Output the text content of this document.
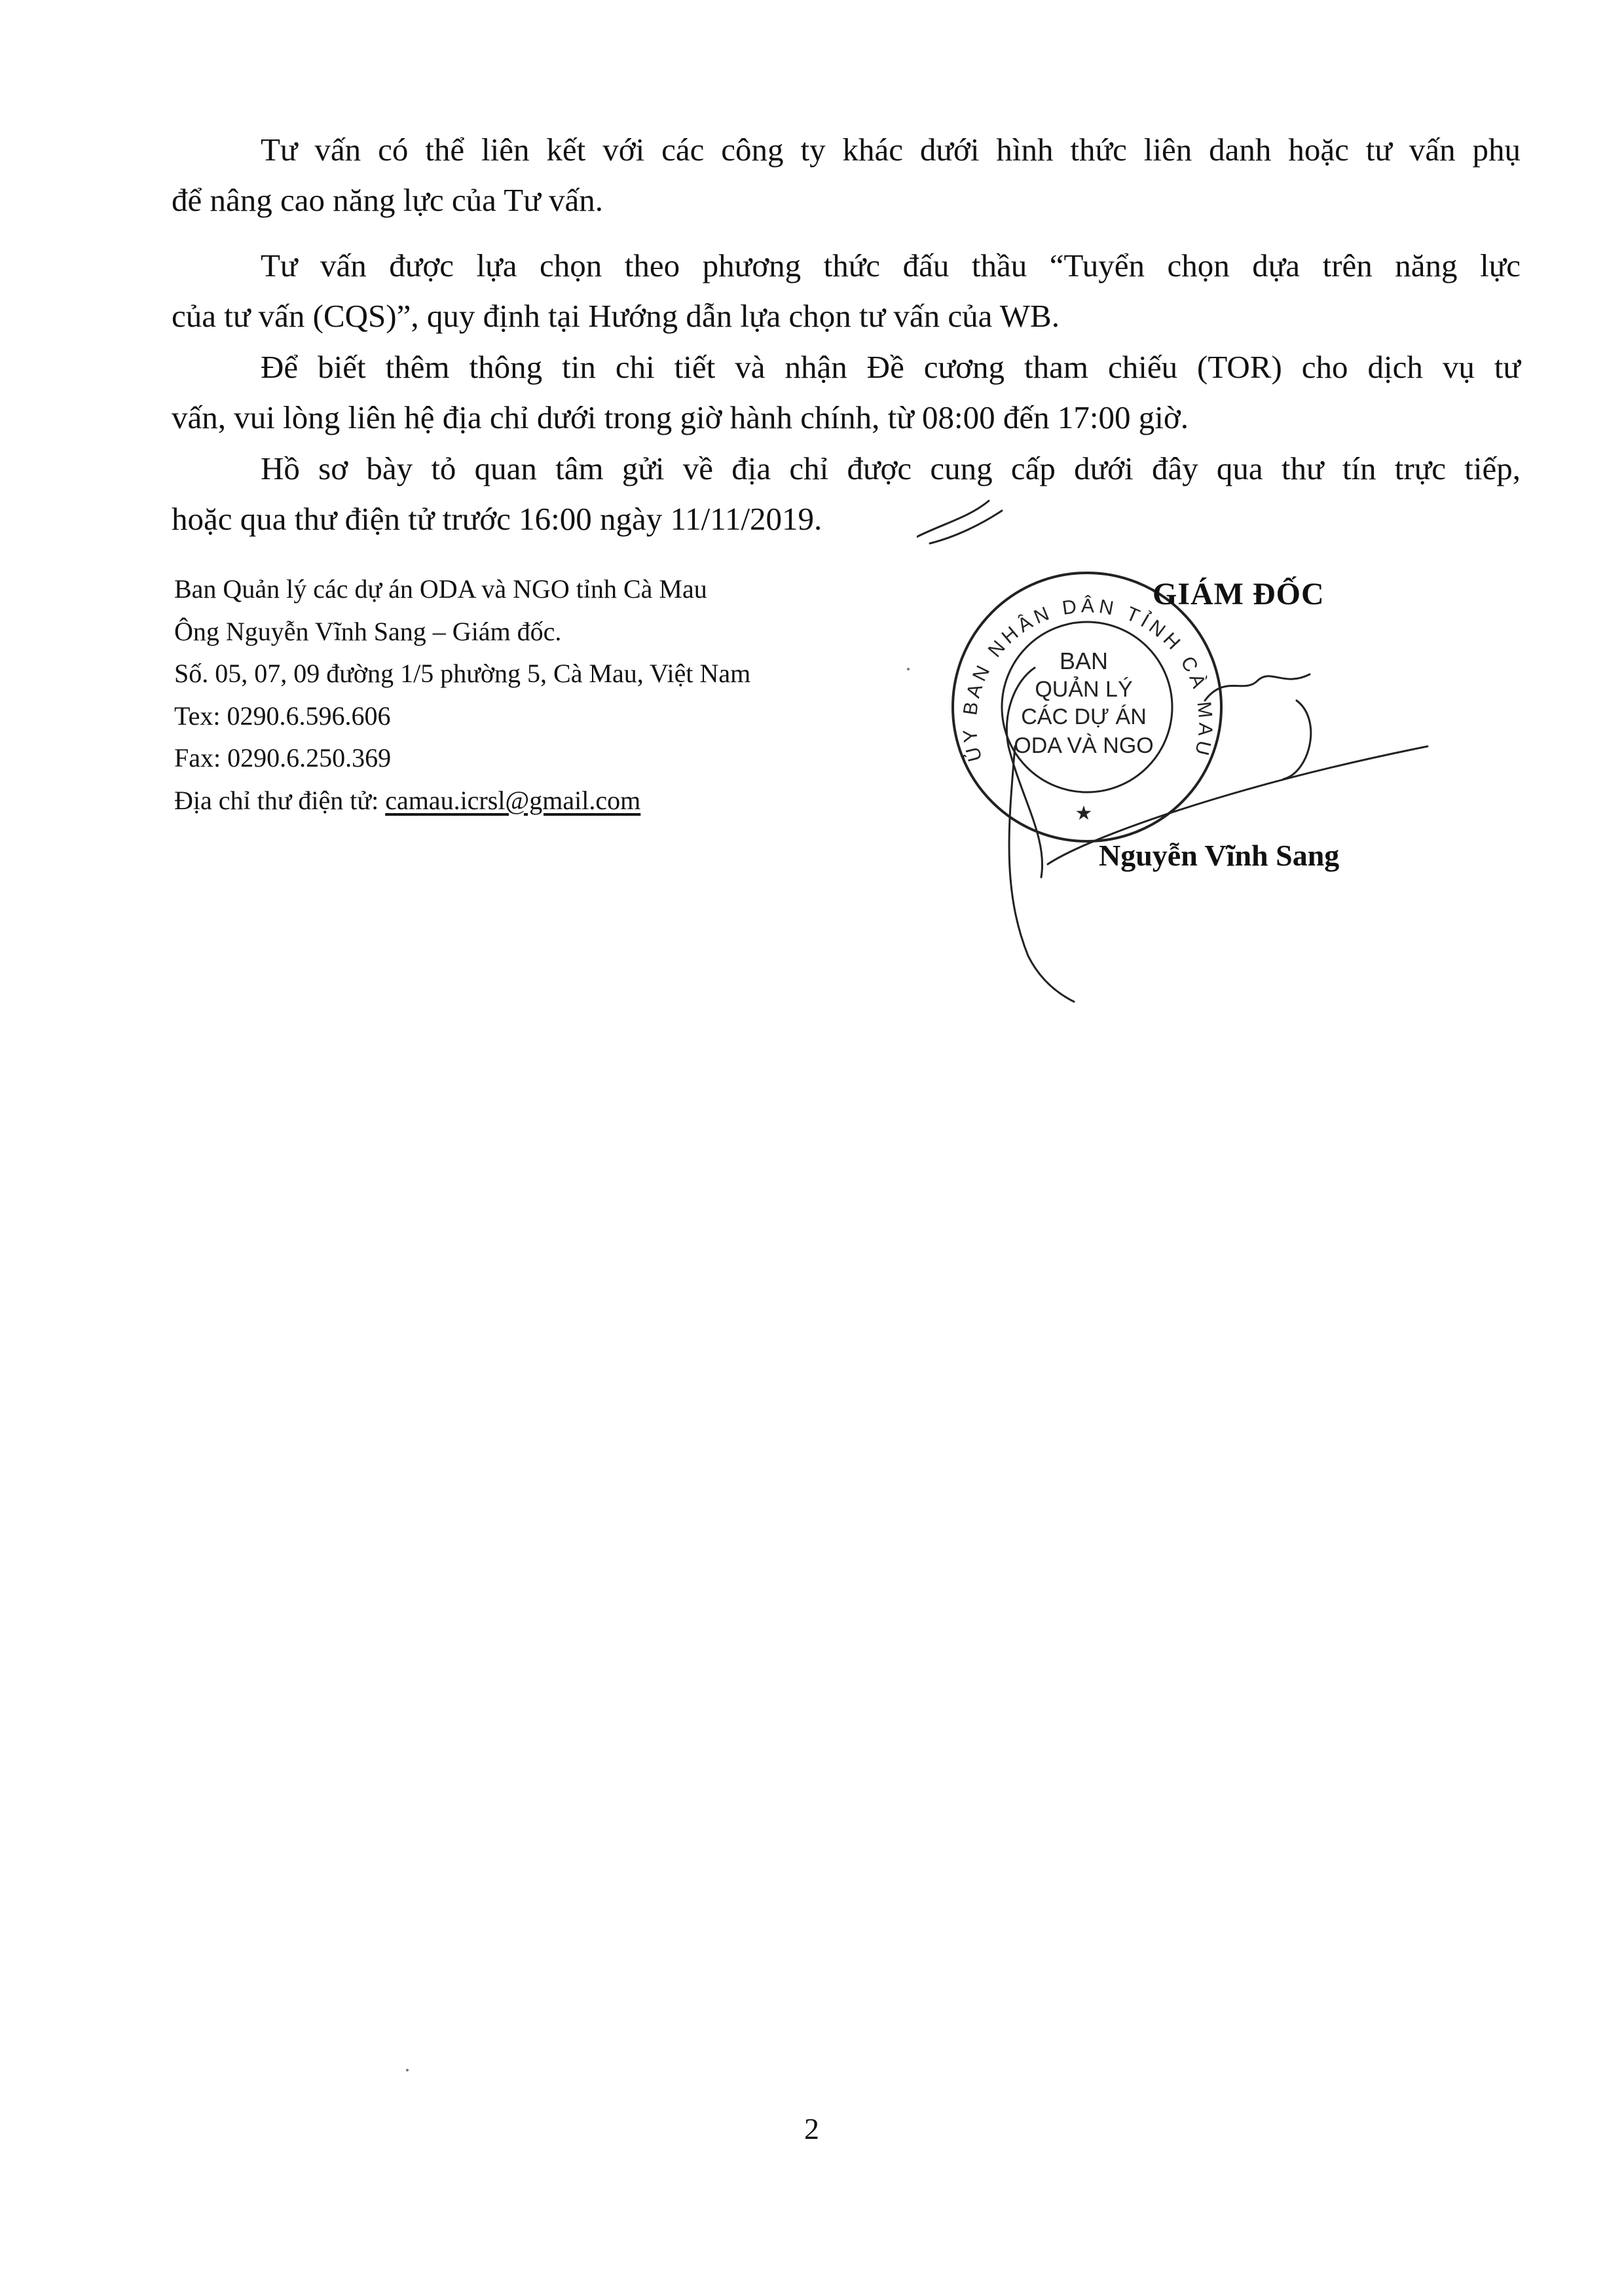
Tư vấn có thể liên kết với các công ty khác dưới hình thức liên danh hoặc tư vấn phụ
để nâng cao năng lực của Tư vấn.
Tư vấn được lựa chọn theo phương thức đấu thầu “Tuyển chọn dựa trên năng lực
của tư vấn (CQS)”, quy định tại Hướng dẫn lựa chọn tư vấn của WB.
Để biết thêm thông tin chi tiết và nhận Đề cương tham chiếu (TOR) cho dịch vụ tư
vấn, vui lòng liên hệ địa chỉ dưới trong giờ hành chính, từ 08:00 đến 17:00 giờ.
Hồ sơ bày tỏ quan tâm gửi về địa chỉ được cung cấp dưới đây qua thư tín trực tiếp,
hoặc qua thư điện tử trước 16:00 ngày 11/11/2019.
Ban Quản lý các dự án ODA và NGO tỉnh Cà Mau
Ông Nguyễn Vĩnh Sang – Giám đốc.
Số. 05, 07, 09 đường 1/5 phường 5, Cà Mau, Việt Nam
Tex: 0290.6.596.606
Fax: 0290.6.250.369
Địa chỉ thư điện tử: camau.icrsl@gmail.com
ỦY BAN NHÂN DÂN TỈNH CÀ MAU
BAN
QUẢN LÝ
CÁC DỰ ÁN
ODA VÀ NGO
★
GIÁM ĐỐC
Nguyễn Vĩnh Sang
2
